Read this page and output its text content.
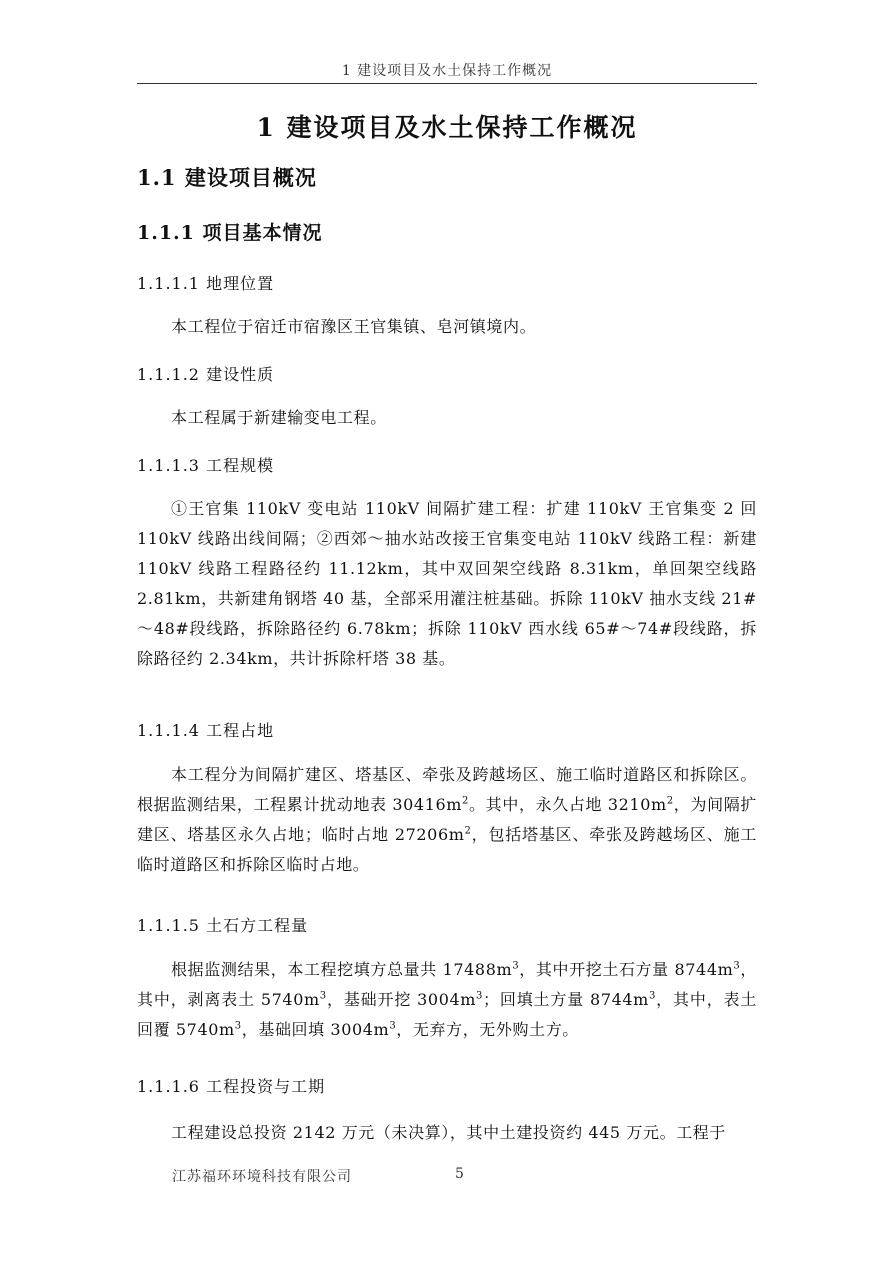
1 建设项目及水土保持工作概况
1 建设项目及水土保持工作概况
1.1 建设项目概况
1.1.1 项目基本情况
1.1.1.1 地理位置
本工程位于宿迁市宿豫区王官集镇、皂河镇境内。
1.1.1.2 建设性质
本工程属于新建输变电工程。
1.1.1.3 工程规模
①王官集 110kV 变电站 110kV 间隔扩建工程：扩建 110kV 王官集变 2 回 110kV 线路出线间隔；②西郊～抽水站改接王官集变电站 110kV 线路工程：新建 110kV 线路工程路径约 11.12km，其中双回架空线路 8.31km，单回架空线路 2.81km，共新建角钢塔 40 基，全部采用灌注桩基础。拆除 110kV 抽水支线 21#～48#段线路，拆除路径约 6.78km；拆除 110kV 西水线 65#～74#段线路，拆除路径约 2.34km，共计拆除杆塔 38 基。
1.1.1.4 工程占地
本工程分为间隔扩建区、塔基区、牵张及跨越场区、施工临时道路区和拆除区。根据监测结果，工程累计扰动地表 $30416m^2$。其中，永久占地 $3210m^2$，为间隔扩建区、塔基区永久占地；临时占地 $27206m^2$，包括塔基区、牵张及跨越场区、施工临时道路区和拆除区临时占地。
1.1.1.5 土石方工程量
根据监测结果，本工程挖填方总量共 $17488m^3$，其中开挖土石方量 $8744m^3$，其中，剥离表土 $5740m^3$，基础开挖 $3004m^3$；回填土方量 $8744m^3$，其中，表土回覆 $5740m^3$，基础回填 $3004m^3$，无弃方，无外购土方。
1.1.1.6 工程投资与工期
工程建设总投资 2142 万元（未决算），其中土建投资约 445 万元。工程于
江苏福环环境科技有限公司	5
